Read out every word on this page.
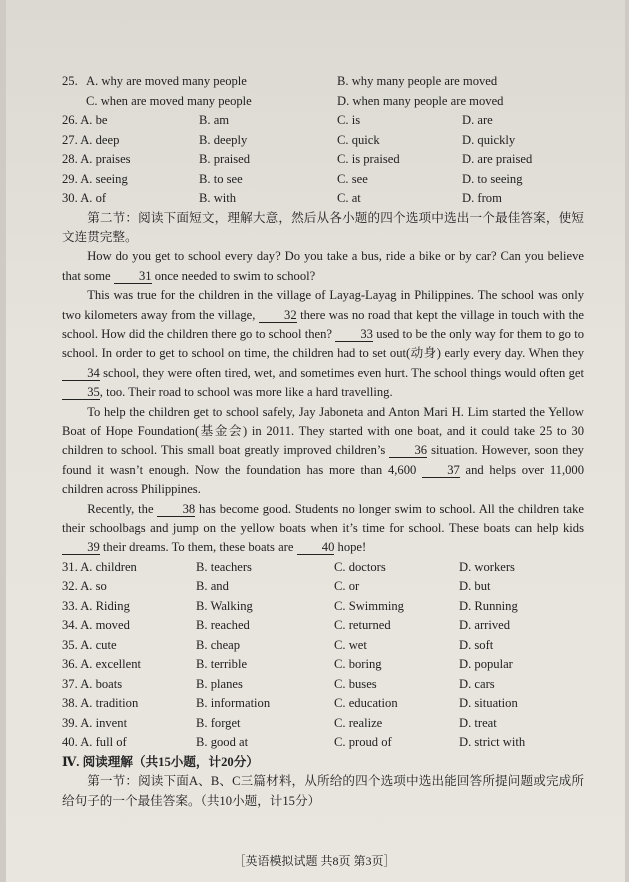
25. A. why are moved many people	B. why many people are moved
C. when are moved many people	D. when many people are moved
26. A. be	B. am	C. is	D. are
27. A. deep	B. deeply	C. quick	D. quickly
28. A. praises	B. praised	C. is praised	D. are praised
29. A. seeing	B. to see	C. see	D. to seeing
30. A. of	B. with	C. at	D. from

第二节：阅读下面短文，理解大意，然后从各小题的四个选项中选出一个最佳答案，使短文连贯完整。

How do you get to school every day? Do you take a bus, ride a bike or by car? Can you believe that some 31 once needed to swim to school?

This was true for the children in the village of Layag-Layag in Philippines. The school was only two kilometers away from the village, 32 there was no road that kept the village in touch with the school. How did the children there go to school then? 33 used to be the only way for them to go to school. In order to get to school on time, the children had to set out(动身) early every day. When they 34 school, they were often tired, wet, and sometimes even hurt. The school things would often get 35, too. Their road to school was more like a hard travelling.

To help the children get to school safely, Jay Jaboneta and Anton Mari H. Lim started the Yellow Boat of Hope Foundation(基金会) in 2011. They started with one boat, and it could take 25 to 30 children to school. This small boat greatly improved children’s 36 situation. However, soon they found it wasn’t enough. Now the foundation has more than 4,600 37 and helps over 11,000 children across Philippines.

Recently, the 38 has become good. Students no longer swim to school. All the children take their schoolbags and jump on the yellow boats when it’s time for school. These boats can help kids 39 their dreams. To them, these boats are 40 hope!

31. A. children	B. teachers	C. doctors	D. workers
32. A. so	B. and	C. or	D. but
33. A. Riding	B. Walking	C. Swimming	D. Running
34. A. moved	B. reached	C. returned	D. arrived
35. A. cute	B. cheap	C. wet	D. soft
36. A. excellent	B. terrible	C. boring	D. popular
37. A. boats	B. planes	C. buses	D. cars
38. A. tradition	B. information	C. education	D. situation
39. A. invent	B. forget	C. realize	D. treat
40. A. full of	B. good at	C. proud of	D. strict with
Ⅳ. 阅读理解（共15小题，计20分）

第一节：阅读下面A、B、C三篇材料，从所给的四个选项中选出能回答所提问题或完成所给句子的一个最佳答案。（共10小题，计15分）

［英语模拟试题 共8页 第3页］
